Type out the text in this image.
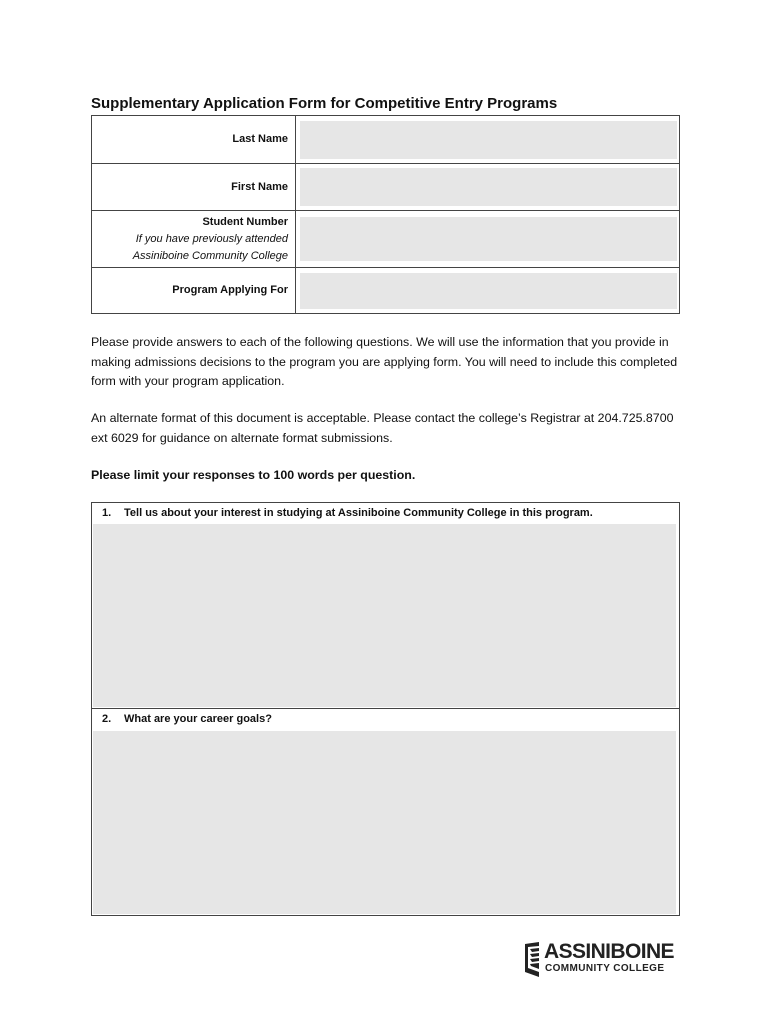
Supplementary Application Form for Competitive Entry Programs
Last Name	

First Name	

Student Number
If you have previously attended
Assiniboine Community College	

Program Applying For	
Please provide answers to each of the following questions. We will use the information that you provide in making admissions decisions to the program you are applying form. You will need to include this completed form with your program application.
An alternate format of this document is acceptable. Please contact the college’s Registrar at 204.725.8700 ext 6029 for guidance on alternate format submissions.
Please limit your responses to 100 words per question.
1. Tell us about your interest in studying at Assiniboine Community College in this program.
2. What are your career goals?
ASSINIBOINE
COMMUNITY COLLEGE
